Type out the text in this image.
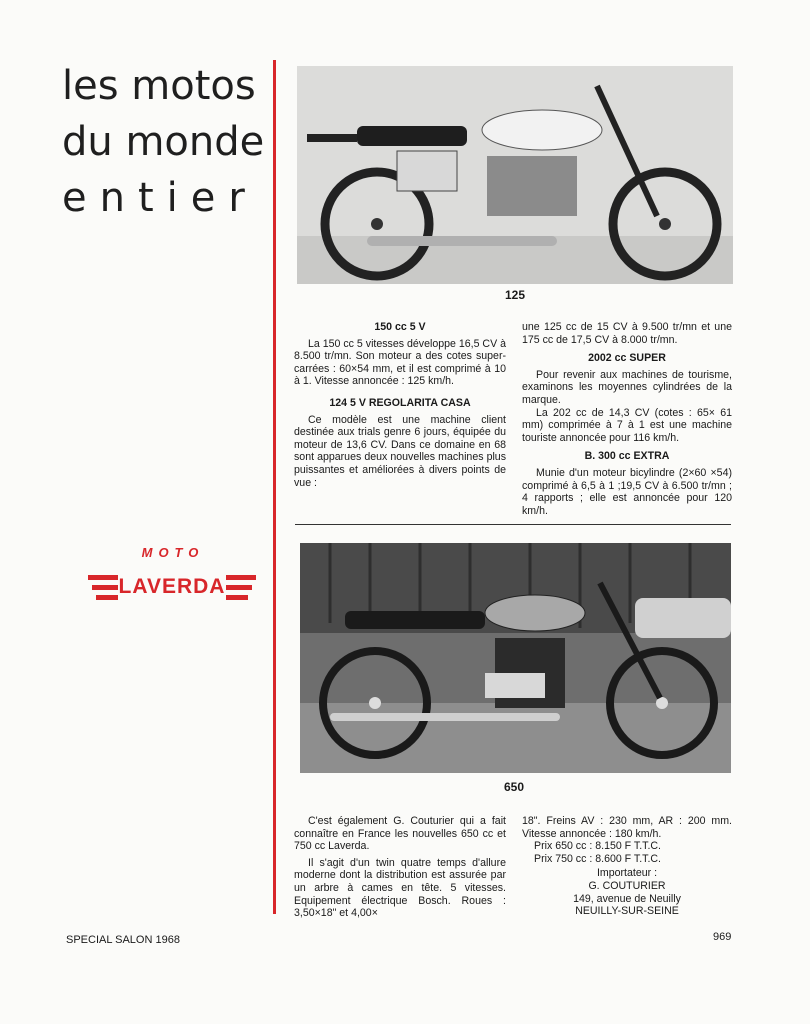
les motos
du monde
entier
125
150 cc 5 V

La 150 cc 5 vitesses développe 16,5 CV à 8.500 tr/mn. Son moteur a des cotes super-carrées : 60×54 mm, et il est comprimé à 10 à 1. Vitesse annoncée : 125 km/h.

124 5 V REGOLARITA CASA

Ce modèle est une machine client destinée aux trials genre 6 jours, équipée du moteur de 13,6 CV. Dans ce domaine en 68 sont apparues deux nouvelles machines plus puissantes et améliorées à divers points de vue :

une 125 cc de 15 CV à 9.500 tr/mn et une 175 cc de 17,5 CV à 8.000 tr/mn.

2002 cc SUPER

Pour revenir aux machines de tourisme, examinons les moyennes cylindrées de la marque.

La 202 cc de 14,3 CV (cotes : 65× 61 mm) comprimée à 7 à 1 est une machine touriste annoncée pour 116 km/h.

B. 300 cc EXTRA

Munie d'un moteur bicylindre (2×60 ×54) comprimé à 6,5 à 1 ;19,5 CV à 6.500 tr/mn ; 4 rapports ; elle est annoncée pour 120 km/h.

MOTO
LAVERDA
650

C'est également G. Couturier qui a fait connaître en France les nouvelles 650 cc et 750 cc Laverda.

Il s'agit d'un twin quatre temps d'allure moderne dont la distribution est assurée par un arbre à cames en tête. 5 vitesses. Equipement électrique Bosch. Roues : 3,50×18" et 4,00×

18". Freins AV : 230 mm, AR : 200 mm. Vitesse annoncée : 180 km/h.

Prix 650 cc : 8.150 F T.T.C.
Prix 750 cc : 8.600 F T.T.C.
Importateur :
G. COUTURIER
149, avenue de Neuilly
NEUILLY-SUR-SEINE
SPECIAL SALON 1968	969
